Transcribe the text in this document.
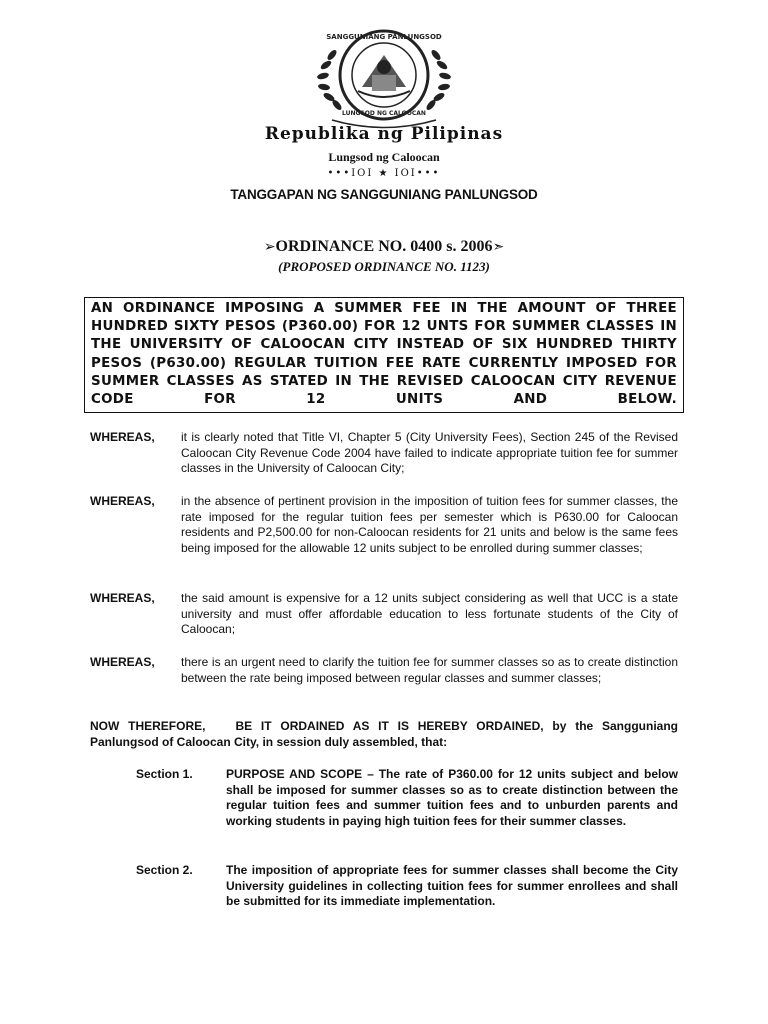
SANGGUNIANG PANLUNGSOD
LUNGSOD NG CALOOCAN
Republika ng Pilipinas
Lungsod ng Caloocan
•••IOI ★ IOI•••
TANGGAPAN NG SANGGUNIANG PANLUNGSOD
➢ORDINANCE NO. 0400 s. 2006➣
(PROPOSED ORDINANCE NO. 1123)

AN ORDINANCE IMPOSING A SUMMER FEE IN THE AMOUNT OF THREE HUNDRED SIXTY PESOS (P360.00) FOR 12 UNTS FOR SUMMER CLASSES IN THE UNIVERSITY OF CALOOCAN CITY INSTEAD OF SIX HUNDRED THIRTY PESOS (P630.00) REGULAR TUITION FEE RATE CURRENTLY IMPOSED FOR SUMMER CLASSES AS STATED IN THE REVISED CALOOCAN CITY REVENUE CODE FOR 12 UNITS AND BELOW.

WHEREAS, it is clearly noted that Title VI, Chapter 5 (City University Fees), Section 245 of the Revised Caloocan City Revenue Code 2004 have failed to indicate appropriate tuition fee for summer classes in the University of Caloocan City;
WHEREAS, in the absence of pertinent provision in the imposition of tuition fees for summer classes, the rate imposed for the regular tuition fees per semester which is P630.00 for Caloocan residents and P2,500.00 for non-Caloocan residents for 21 units and below is the same fees being imposed for the allowable 12 units subject to be enrolled during summer classes;
WHEREAS, the said amount is expensive for a 12 units subject considering as well that UCC is a state university and must offer affordable education to less fortunate students of the City of Caloocan;
WHEREAS, there is an urgent need to clarify the tuition fee for summer classes so as to create distinction between the rate being imposed between regular classes and summer classes;
NOW THEREFORE,	BE IT ORDAINED AS IT IS HEREBY ORDAINED, by the Sangguniang Panlungsod of Caloocan City, in session duly assembled, that:
Section 1.	PURPOSE AND SCOPE – The rate of P360.00 for 12 units subject and below shall be imposed for summer classes so as to create distinction between the regular tuition fees and summer tuition fees and to unburden parents and working students in paying high tuition fees for their summer classes.
Section 2.	The imposition of appropriate fees for summer classes shall become the City University guidelines in collecting tuition fees for summer enrollees and shall be submitted for its immediate implementation.
